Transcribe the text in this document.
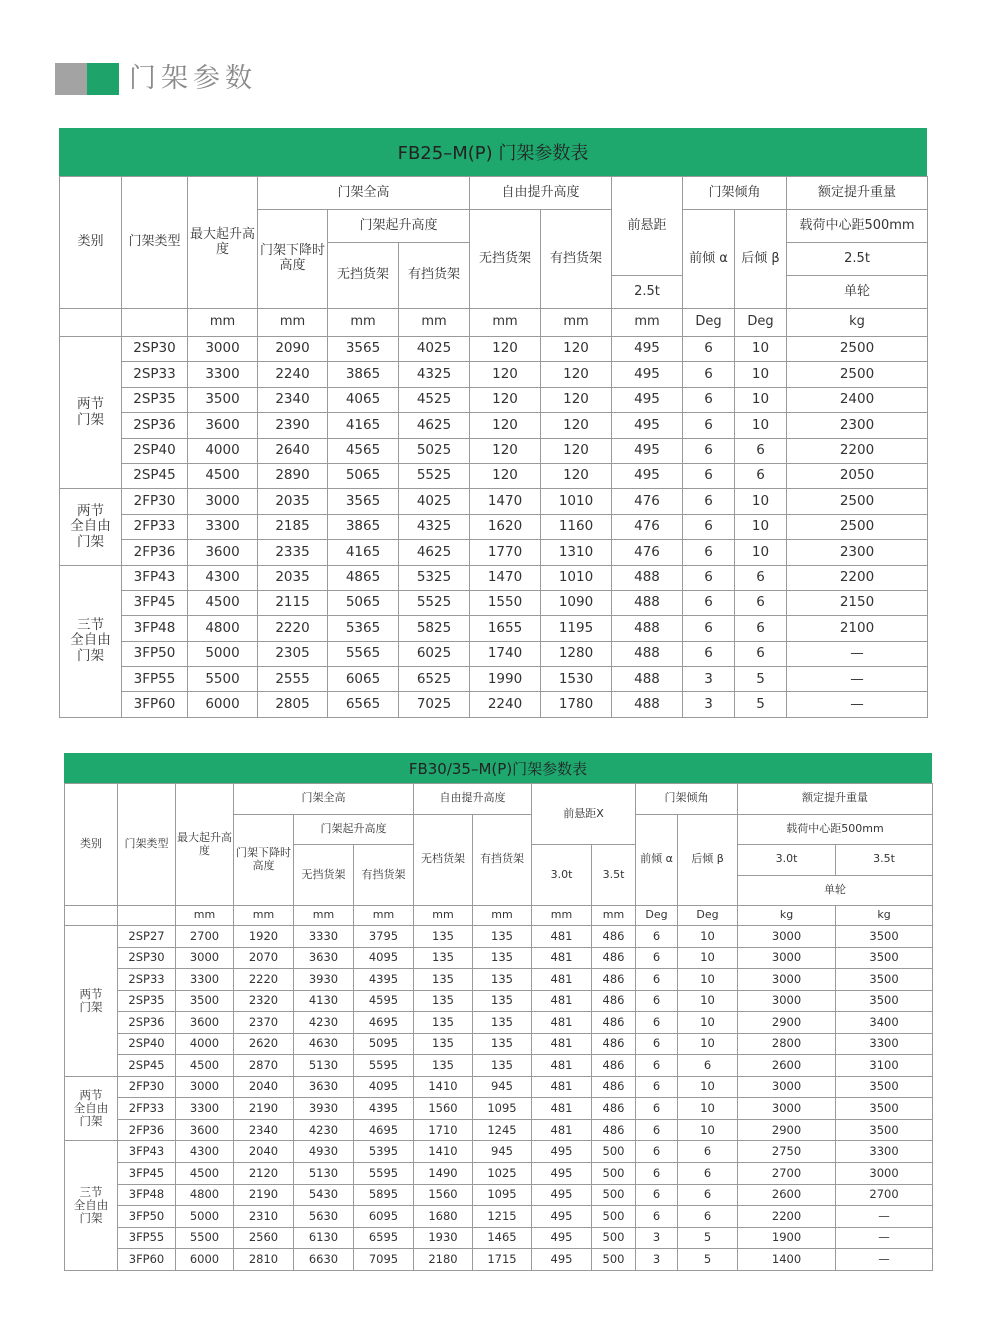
门架参数
FB25–M(P) 门架参数表
类别	门架类型	最大起升高度	门架全高			自由提升高度		前悬距	门架倾角		额定提升重量
			门架下降时高度	门架起升高度		无挡货架	有挡货架		前倾 α	后倾 β	载荷中心距500mm
				无挡货架	有挡货架						2.5t
								2.5t			单轮
		mm	mm	mm	mm	mm	mm	mm	Deg	Deg	kg
两节
门架	2SP30	3000	2090	3565	4025	120	120	495	6	10	2500
	2SP33	3300	2240	3865	4325	120	120	495	6	10	2500
	2SP35	3500	2340	4065	4525	120	120	495	6	10	2400
	2SP36	3600	2390	4165	4625	120	120	495	6	10	2300
	2SP40	4000	2640	4565	5025	120	120	495	6	6	2200
	2SP45	4500	2890	5065	5525	120	120	495	6	6	2050
两节
全自由
门架	2FP30	3000	2035	3565	4025	1470	1010	476	6	10	2500
	2FP33	3300	2185	3865	4325	1620	1160	476	6	10	2500
	2FP36	3600	2335	4165	4625	1770	1310	476	6	10	2300
三节
全自由
门架	3FP43	4300	2035	4865	5325	1470	1010	488	6	6	2200
	3FP45	4500	2115	5065	5525	1550	1090	488	6	6	2150
	3FP48	4800	2220	5365	5825	1655	1195	488	6	6	2100
	3FP50	5000	2305	5565	6025	1740	1280	488	6	6	—
	3FP55	5500	2555	6065	6525	1990	1530	488	3	5	—
	3FP60	6000	2805	6565	7025	2240	1780	488	3	5	—
FB30/35–M(P)门架参数表
类别	门架类型	最大起升高度	门架全高			自由提升高度		前悬距X		门架倾角		额定提升重量	
			门架下降时高度	门架起升高度		无档货架	有挡货架			前倾 α	后倾 β	载荷中心距500mm	
				无挡货架	有挡货架			3.0t	3.5t			3.0t	3.5t
												单轮	
		mm	mm	mm	mm	mm	mm	mm	mm	Deg	Deg	kg	kg
两节
门架	2SP27	2700	1920	3330	3795	135	135	481	486	6	10	3000	3500
	2SP30	3000	2070	3630	4095	135	135	481	486	6	10	3000	3500
	2SP33	3300	2220	3930	4395	135	135	481	486	6	10	3000	3500
	2SP35	3500	2320	4130	4595	135	135	481	486	6	10	3000	3500
	2SP36	3600	2370	4230	4695	135	135	481	486	6	10	2900	3400
	2SP40	4000	2620	4630	5095	135	135	481	486	6	10	2800	3300
	2SP45	4500	2870	5130	5595	135	135	481	486	6	6	2600	3100
两节
全自由
门架	2FP30	3000	2040	3630	4095	1410	945	481	486	6	10	3000	3500
	2FP33	3300	2190	3930	4395	1560	1095	481	486	6	10	3000	3500
	2FP36	3600	2340	4230	4695	1710	1245	481	486	6	10	2900	3500
三节
全自由
门架	3FP43	4300	2040	4930	5395	1410	945	495	500	6	6	2750	3300
	3FP45	4500	2120	5130	5595	1490	1025	495	500	6	6	2700	3000
	3FP48	4800	2190	5430	5895	1560	1095	495	500	6	6	2600	2700
	3FP50	5000	2310	5630	6095	1680	1215	495	500	6	6	2200	—
	3FP55	5500	2560	6130	6595	1930	1465	495	500	3	5	1900	—
	3FP60	6000	2810	6630	7095	2180	1715	495	500	3	5	1400	—
